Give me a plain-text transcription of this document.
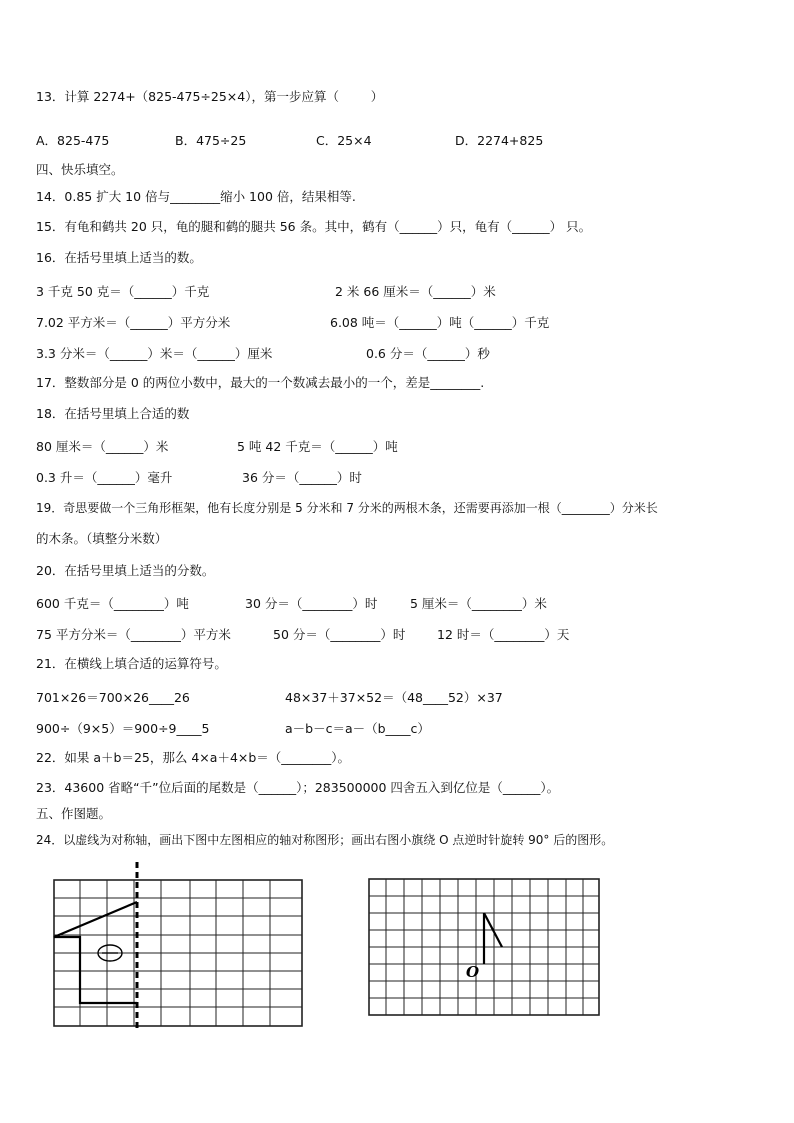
13．计算 2274+（825-475÷25×4），第一步应算（        ）
A．825-475	B．475÷25	C．25×4	D．2274+825
四、快乐填空。
14．0.85 扩大 10 倍与________缩小 100 倍，结果相等.
15．有龟和鹤共 20 只，龟的腿和鹤的腿共 56 条。其中，鹤有（______）只，龟有（______） 只。
16．在括号里填上适当的数。
3 千克 50 克＝（______）千克	2 米 66 厘米＝（______）米
7.02 平方米＝（______）平方分米	6.08 吨＝（______）吨（______）千克
3.3 分米＝（______）米＝（______）厘米	0.6 分＝（______）秒
17．整数部分是 0 的两位小数中，最大的一个数减去最小的一个，差是________.
18．在括号里填上合适的数
80 厘米＝（______）米	5 吨 42 千克＝（______）吨
0.3 升＝（______）毫升	36 分＝（______）时
19．奇思要做一个三角形框架，他有长度分别是 5 分米和 7 分米的两根木条，还需要再添加一根（________）分米长
的木条。（填整分米数）
20．在括号里填上适当的分数。
600 千克＝（________）吨	30 分＝（________）时	5 厘米＝（________）米
75 平方分米＝（________）平方米	50 分＝（________）时	12 时＝（________）天
21．在横线上填合适的运算符号。
701×26＝700×26____26	48×37＋37×52＝（48____52）×37
900÷（9×5）＝900÷9____5	a－b－c＝a－（b____c）
22．如果 a＋b＝25，那么 4×a＋4×b＝（________）。
23．43600 省略“千”位后面的尾数是（______）；283500000 四舍五入到亿位是（______）。
五、作图题。
24．以虚线为对称轴，画出下图中左图相应的轴对称图形；画出右图小旗绕 O 点逆时针旋转 90° 后的图形。
O
